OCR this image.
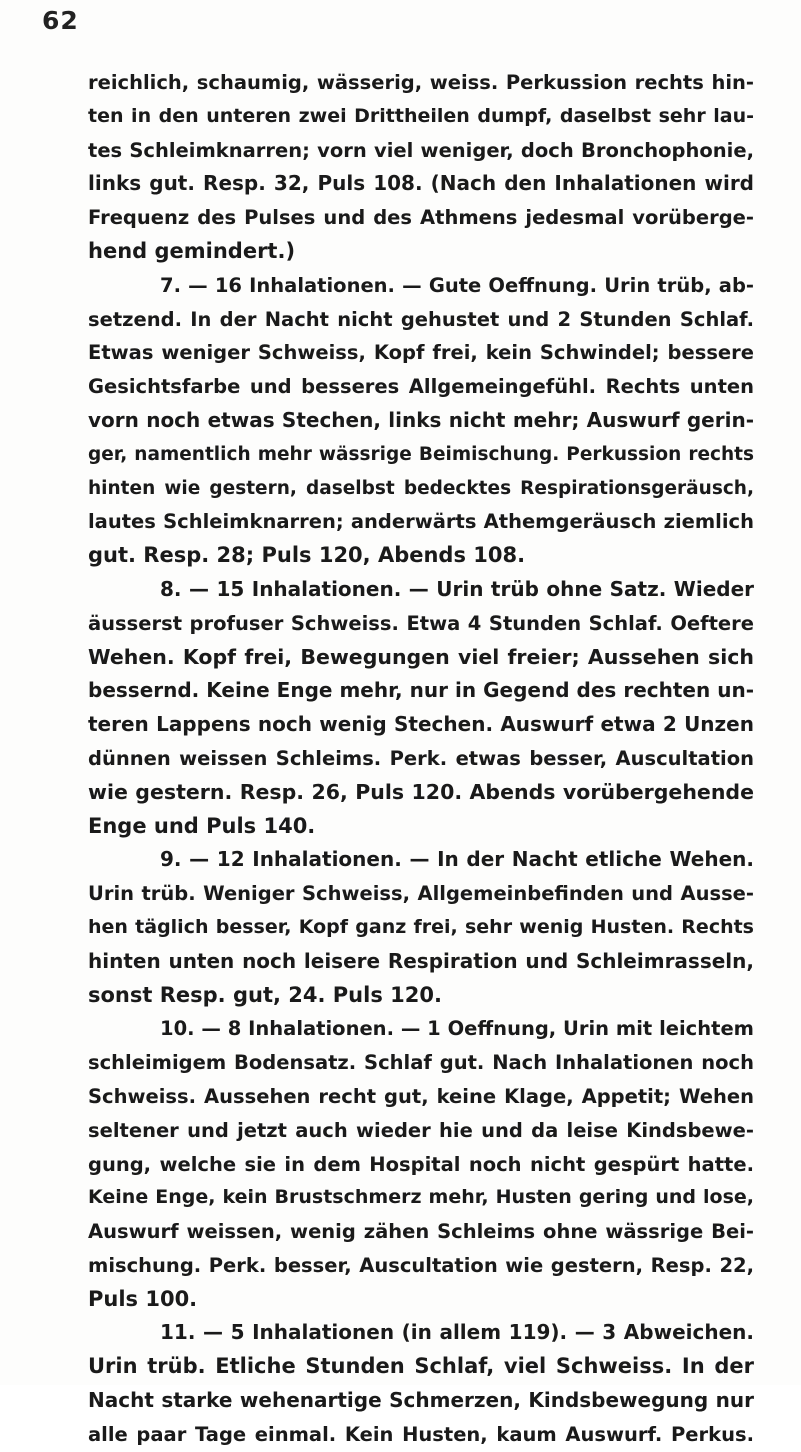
62
reichlich, schaumig, wässerig, weiss. Perkussion rechts hin-
ten in den unteren zwei Drittheilen dumpf, daselbst sehr lau-
tes Schleimknarren; vorn viel weniger, doch Bronchophonie,
links gut. Resp. 32, Puls 108. (Nach den Inhalationen wird
Frequenz des Pulses und des Athmens jedesmal vorüberge-
hend gemindert.)
7. — 16 Inhalationen. — Gute Oeffnung. Urin trüb, ab-
setzend. In der Nacht nicht gehustet und 2 Stunden Schlaf.
Etwas weniger Schweiss, Kopf frei, kein Schwindel; bessere
Gesichtsfarbe und besseres Allgemeingefühl. Rechts unten
vorn noch etwas Stechen, links nicht mehr; Auswurf gerin-
ger, namentlich mehr wässrige Beimischung. Perkussion rechts
hinten wie gestern, daselbst bedecktes Respirationsgeräusch,
lautes Schleimknarren; anderwärts Athemgeräusch ziemlich
gut. Resp. 28; Puls 120, Abends 108.
8. — 15 Inhalationen. — Urin trüb ohne Satz. Wieder
äusserst profuser Schweiss. Etwa 4 Stunden Schlaf. Oeftere
Wehen. Kopf frei, Bewegungen viel freier; Aussehen sich
bessernd. Keine Enge mehr, nur in Gegend des rechten un-
teren Lappens noch wenig Stechen. Auswurf etwa 2 Unzen
dünnen weissen Schleims. Perk. etwas besser, Auscultation
wie gestern. Resp. 26, Puls 120. Abends vorübergehende
Enge und Puls 140.
9. — 12 Inhalationen. — In der Nacht etliche Wehen.
Urin trüb. Weniger Schweiss, Allgemeinbefinden und Ausse-
hen täglich besser, Kopf ganz frei, sehr wenig Husten. Rechts
hinten unten noch leisere Respiration und Schleimrasseln,
sonst Resp. gut, 24. Puls 120.
10. — 8 Inhalationen. — 1 Oeffnung, Urin mit leichtem
schleimigem Bodensatz. Schlaf gut. Nach Inhalationen noch
Schweiss. Aussehen recht gut, keine Klage, Appetit; Wehen
seltener und jetzt auch wieder hie und da leise Kindsbewe-
gung, welche sie in dem Hospital noch nicht gespürt hatte.
Keine Enge, kein Brustschmerz mehr, Husten gering und lose,
Auswurf weissen, wenig zähen Schleims ohne wässrige Bei-
mischung. Perk. besser, Auscultation wie gestern, Resp. 22,
Puls 100.
11. — 5 Inhalationen (in allem 119). — 3 Abweichen.
Urin trüb. Etliche Stunden Schlaf, viel Schweiss. In der
Nacht starke wehenartige Schmerzen, Kindsbewegung nur
alle paar Tage einmal. Kein Husten, kaum Auswurf. Perkus.
